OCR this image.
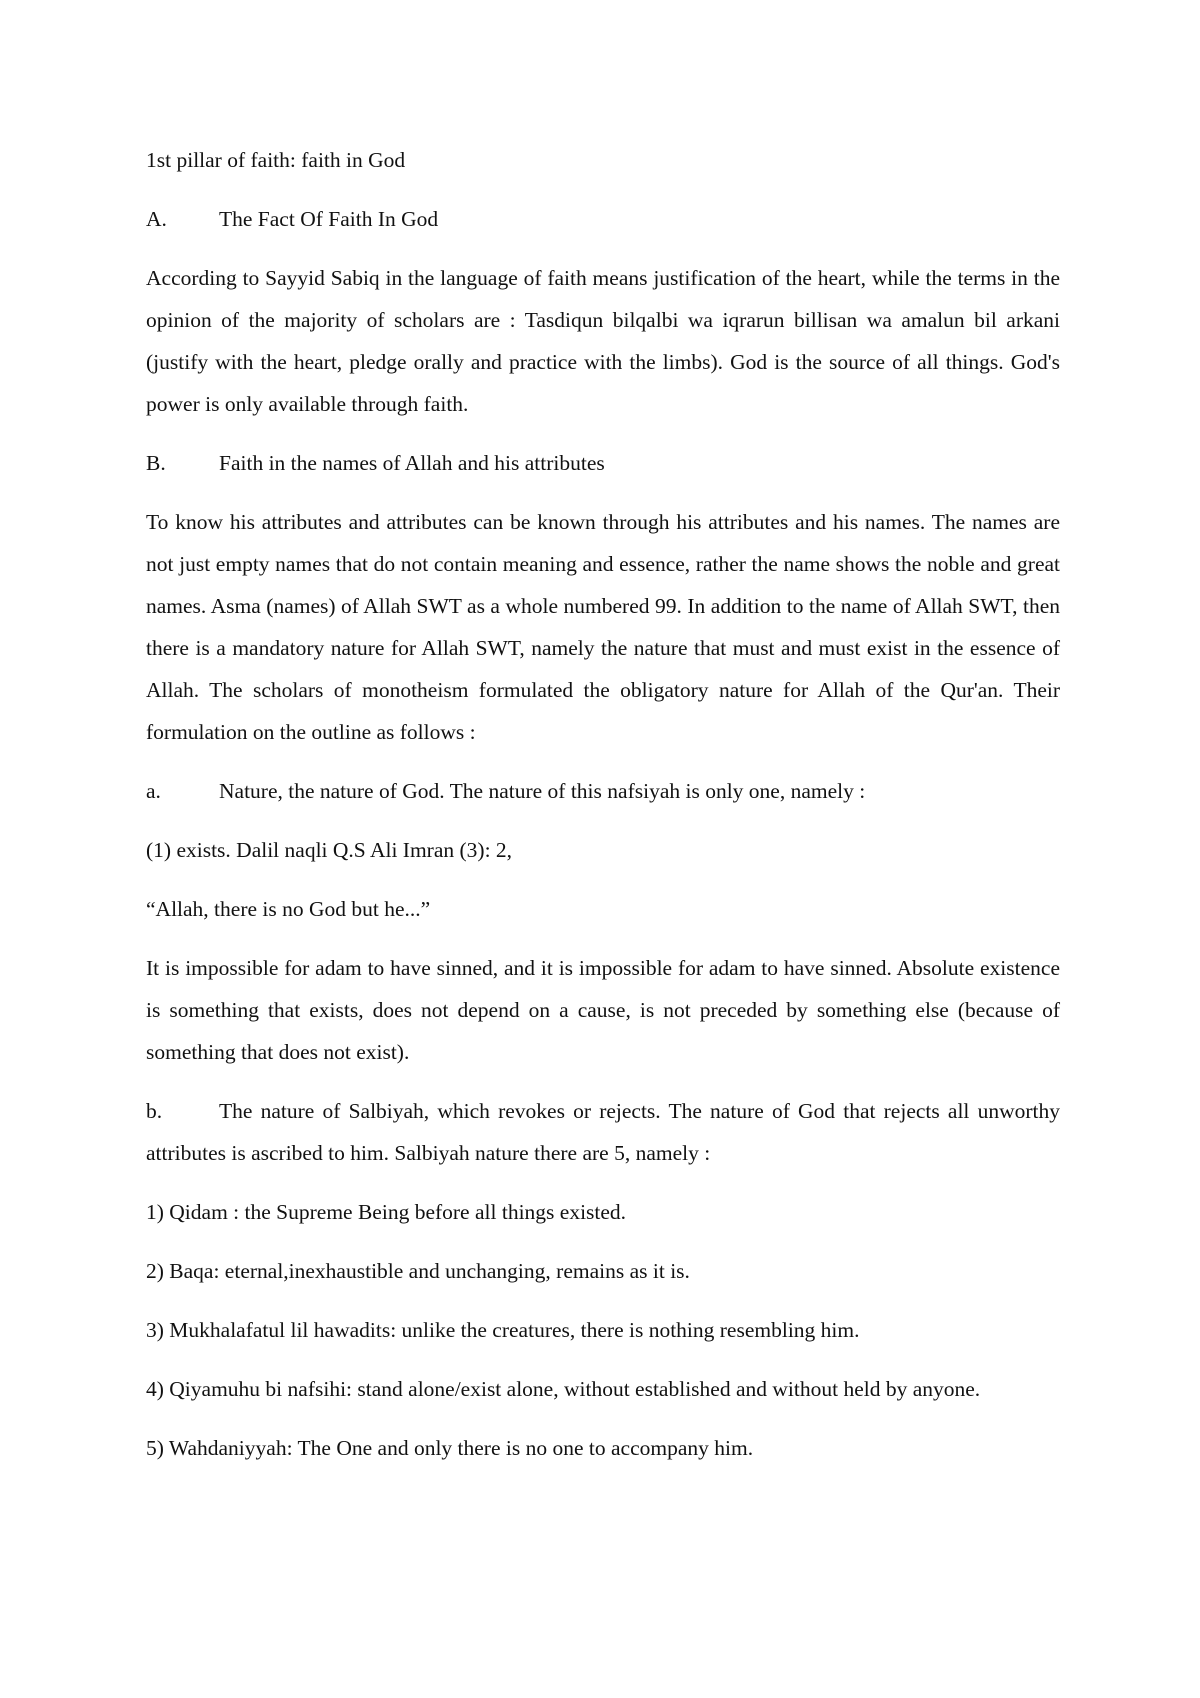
1st pillar of faith: faith in God

A.	The Fact Of Faith In God

According to Sayyid Sabiq in the language of faith means justification of the heart, while the terms in the opinion of the majority of scholars are : Tasdiqun bilqalbi wa iqrarun billisan wa amalun bil arkani (justify with the heart, pledge orally and practice with the limbs). God is the source of all things. God's power is only available through faith.

B.	Faith in the names of Allah and his attributes

To know his attributes and attributes can be known through his attributes and his names. The names are not just empty names that do not contain meaning and essence, rather the name shows the noble and great names. Asma (names) of Allah SWT as a whole numbered 99. In addition to the name of Allah SWT, then there is a mandatory nature for Allah SWT, namely the nature that must and must exist in the essence of Allah. The scholars of monotheism formulated the obligatory nature for Allah of the Qur'an. Their formulation on the outline as follows :

a.	Nature, the nature of God. The nature of this nafsiyah is only one, namely :

(1) exists. Dalil naqli Q.S Ali Imran (3): 2,

“Allah, there is no God but he...”

It is impossible for adam to have sinned, and it is impossible for adam to have sinned. Absolute existence is something that exists, does not depend on a cause, is not preceded by something else (because of something that does not exist).

b.	The nature of Salbiyah, which revokes or rejects. The nature of God that rejects all unworthy attributes is ascribed to him. Salbiyah nature there are 5, namely :

1) Qidam : the Supreme Being before all things existed.

2) Baqa: eternal,inexhaustible and unchanging, remains as it is.

3) Mukhalafatul lil hawadits: unlike the creatures, there is nothing resembling him.

4) Qiyamuhu bi nafsihi: stand alone/exist alone, without established and without held by anyone.

5) Wahdaniyyah: The One and only there is no one to accompany him.
